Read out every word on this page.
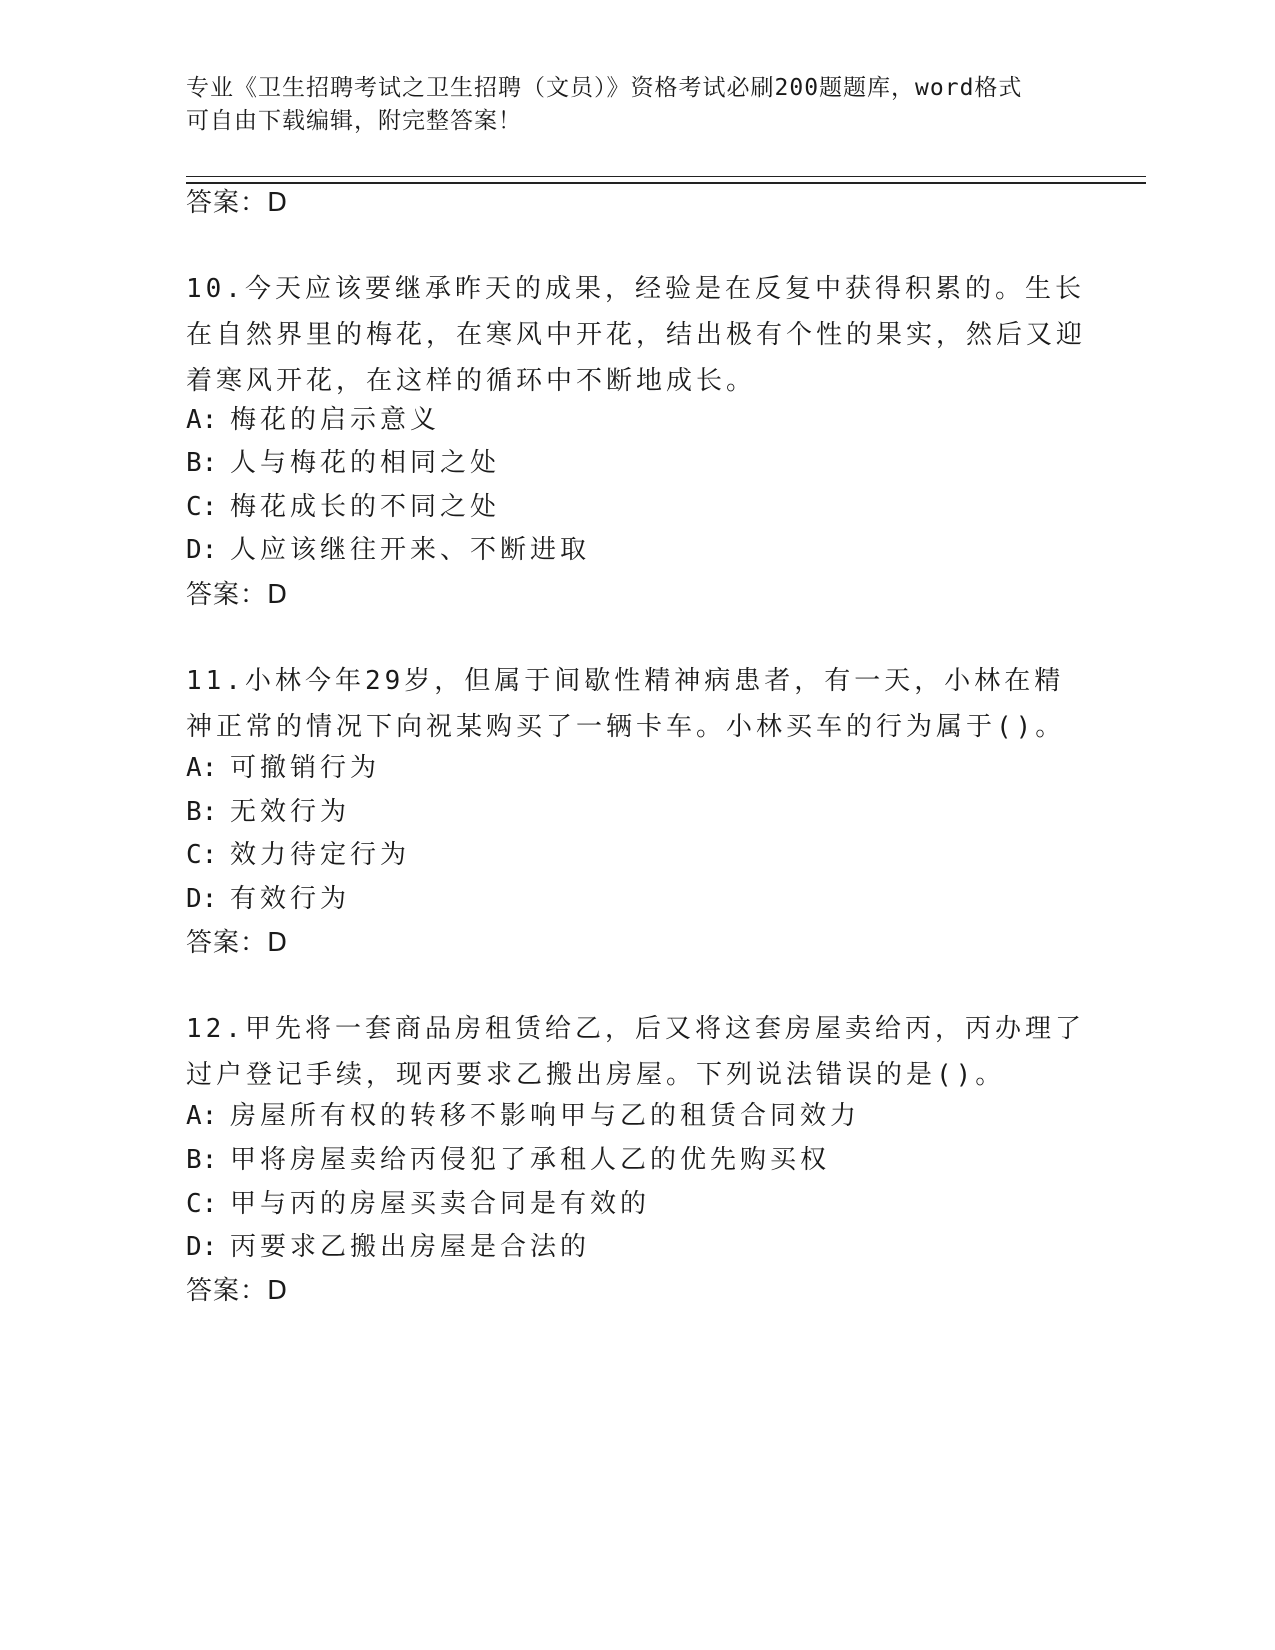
专业《卫生招聘考试之卫生招聘（文员）》资格考试必刷200题题库，word格式
可自由下载编辑，附完整答案！
答案：D
10.今天应该要继承昨天的成果，经验是在反复中获得积累的。生长在自然界里的梅花，在寒风中开花，结出极有个性的果实，然后又迎着寒风开花，在这样的循环中不断地成长。
A: 梅花的启示意义
B: 人与梅花的相同之处
C: 梅花成长的不同之处
D: 人应该继往开来、不断进取
答案：D
11.小林今年29岁，但属于间歇性精神病患者，有一天，小林在精神正常的情况下向祝某购买了一辆卡车。小林买车的行为属于()。
A: 可撤销行为
B: 无效行为
C: 效力待定行为
D: 有效行为
答案：D
12.甲先将一套商品房租赁给乙，后又将这套房屋卖给丙，丙办理了过户登记手续，现丙要求乙搬出房屋。下列说法错误的是()。
A: 房屋所有权的转移不影响甲与乙的租赁合同效力
B: 甲将房屋卖给丙侵犯了承租人乙的优先购买权
C: 甲与丙的房屋买卖合同是有效的
D: 丙要求乙搬出房屋是合法的
答案：D
